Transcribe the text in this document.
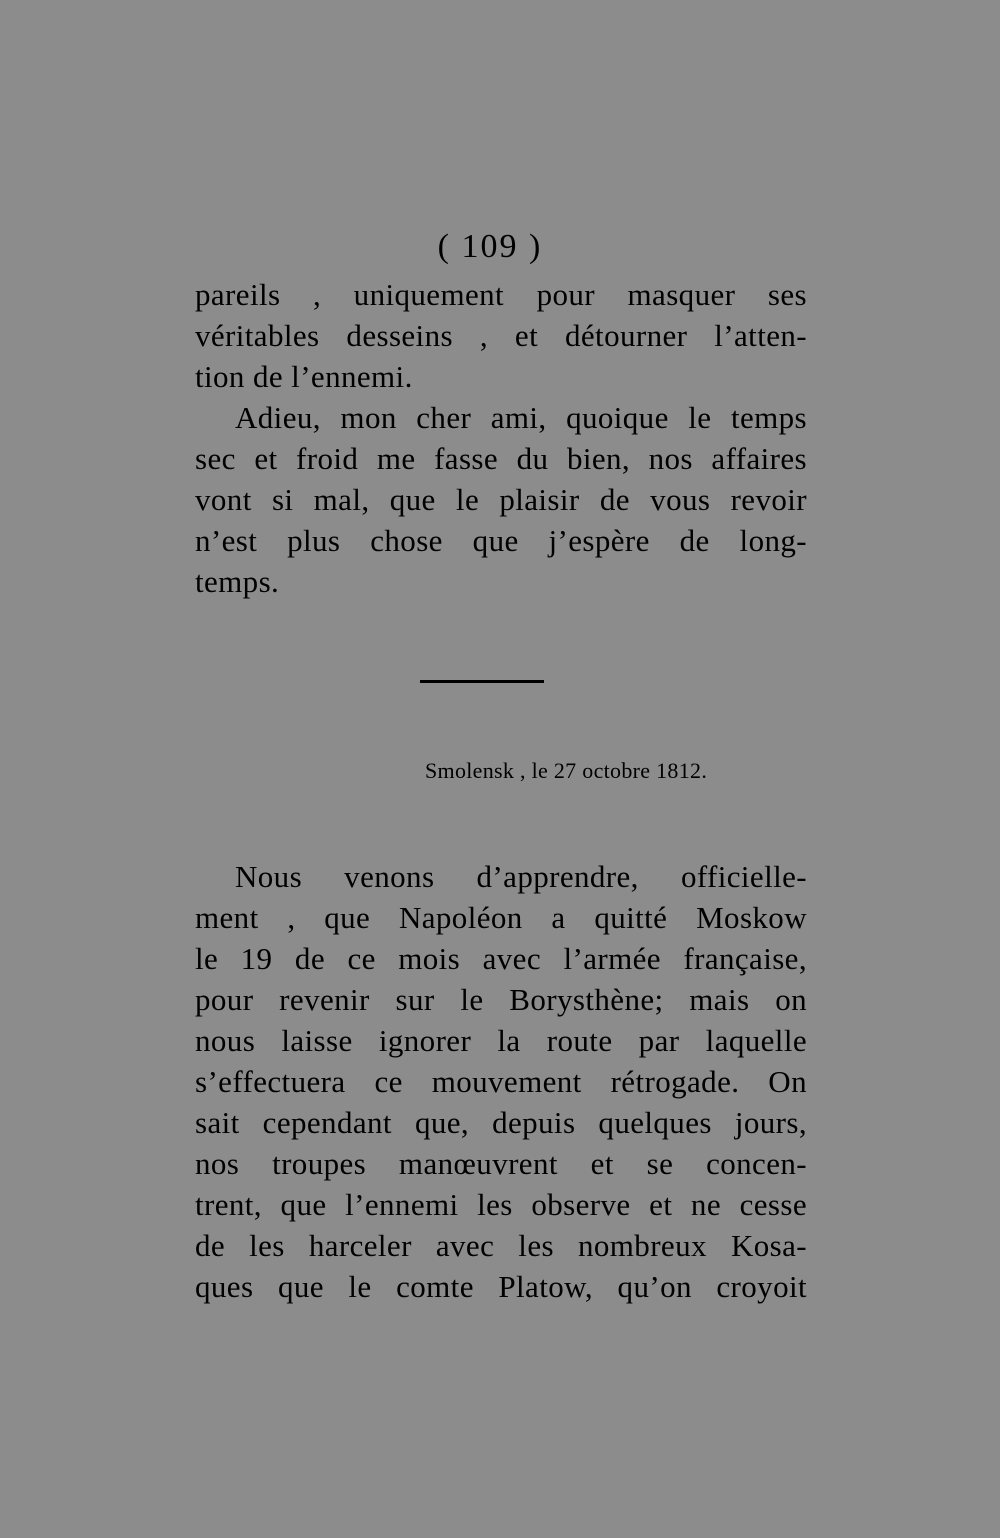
( 109 )
pareils , uniquement pour masquer ses
véritables desseins , et détourner l’atten-
tion de l’ennemi.
Adieu, mon cher ami, quoique le temps
sec et froid me fasse du bien, nos affaires
vont si mal, que le plaisir de vous revoir
n’est plus chose que j’espère de long-
temps.
Smolensk , le 27 octobre 1812.
Nous venons d’apprendre, officielle-
ment , que Napoléon a quitté Moskow
le 19 de ce mois avec l’armée française,
pour revenir sur le Borysthène; mais on
nous laisse ignorer la route par laquelle
s’effectuera ce mouvement rétrogade. On
sait cependant que, depuis quelques jours,
nos troupes manœuvrent et se concen-
trent, que l’ennemi les observe et ne cesse
de les harceler avec les nombreux Kosa-
ques que le comte Platow, qu’on croyoit
